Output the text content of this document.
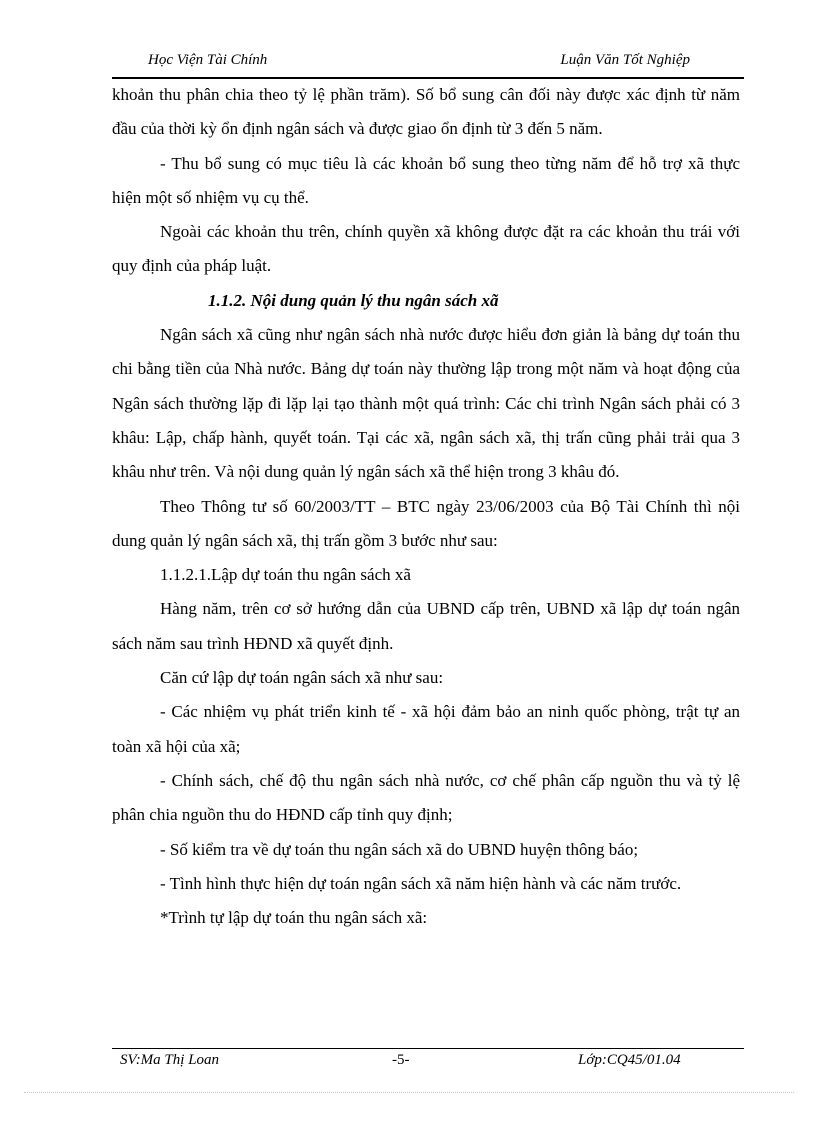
Học Viện Tài Chính	Luận Văn Tốt Nghiệp

khoản thu phân chia theo tỷ lệ phần trăm). Số bổ sung cân đối này được xác định từ năm đầu của thời kỳ ổn định ngân sách và được giao ổn định từ 3 đến 5 năm.

- Thu bổ sung có mục tiêu là các khoản bổ sung theo từng năm để hỗ trợ xã thực hiện một số nhiệm vụ cụ thể.

Ngoài các khoản thu trên, chính quyền xã không được đặt ra các khoản thu trái với quy định của pháp luật.

1.1.2. Nội dung quản lý thu ngân sách xã

Ngân sách xã cũng như ngân sách nhà nước được hiểu đơn giản là bảng dự toán thu chi bằng tiền của Nhà nước. Bảng dự toán này thường lập trong một năm và hoạt động của Ngân sách thường lặp đi lặp lại tạo thành một quá trình: Các chi trình Ngân sách phải có 3 khâu: Lập, chấp hành, quyết toán. Tại các xã, ngân sách xã, thị trấn cũng phải trải qua 3 khâu như trên. Và nội dung quản lý ngân sách xã thể hiện trong 3 khâu đó.

Theo Thông tư số 60/2003/TT – BTC ngày 23/06/2003 của Bộ Tài Chính thì nội dung quản lý ngân sách xã, thị trấn gồm 3 bước như sau:

1.1.2.1.Lập dự toán thu ngân sách xã

Hàng năm, trên cơ sở hướng dẫn của UBND cấp trên, UBND xã lập dự toán ngân sách năm sau trình HĐND xã quyết định.

Căn cứ lập dự toán ngân sách xã như sau:

- Các nhiệm vụ phát triển kinh tế - xã hội đảm bảo an ninh quốc phòng, trật tự an toàn xã hội của xã;

- Chính sách, chế độ thu ngân sách nhà nước, cơ chế phân cấp nguồn thu và tỷ lệ phân chia nguồn thu do HĐND cấp tỉnh quy định;

- Số kiểm tra về dự toán thu ngân sách xã do UBND huyện thông báo;

- Tình hình thực hiện dự toán ngân sách xã năm hiện hành và các năm trước.

*Trình tự lập dự toán thu ngân sách xã:

SV:Ma Thị Loan	-5-	Lớp:CQ45/01.04
